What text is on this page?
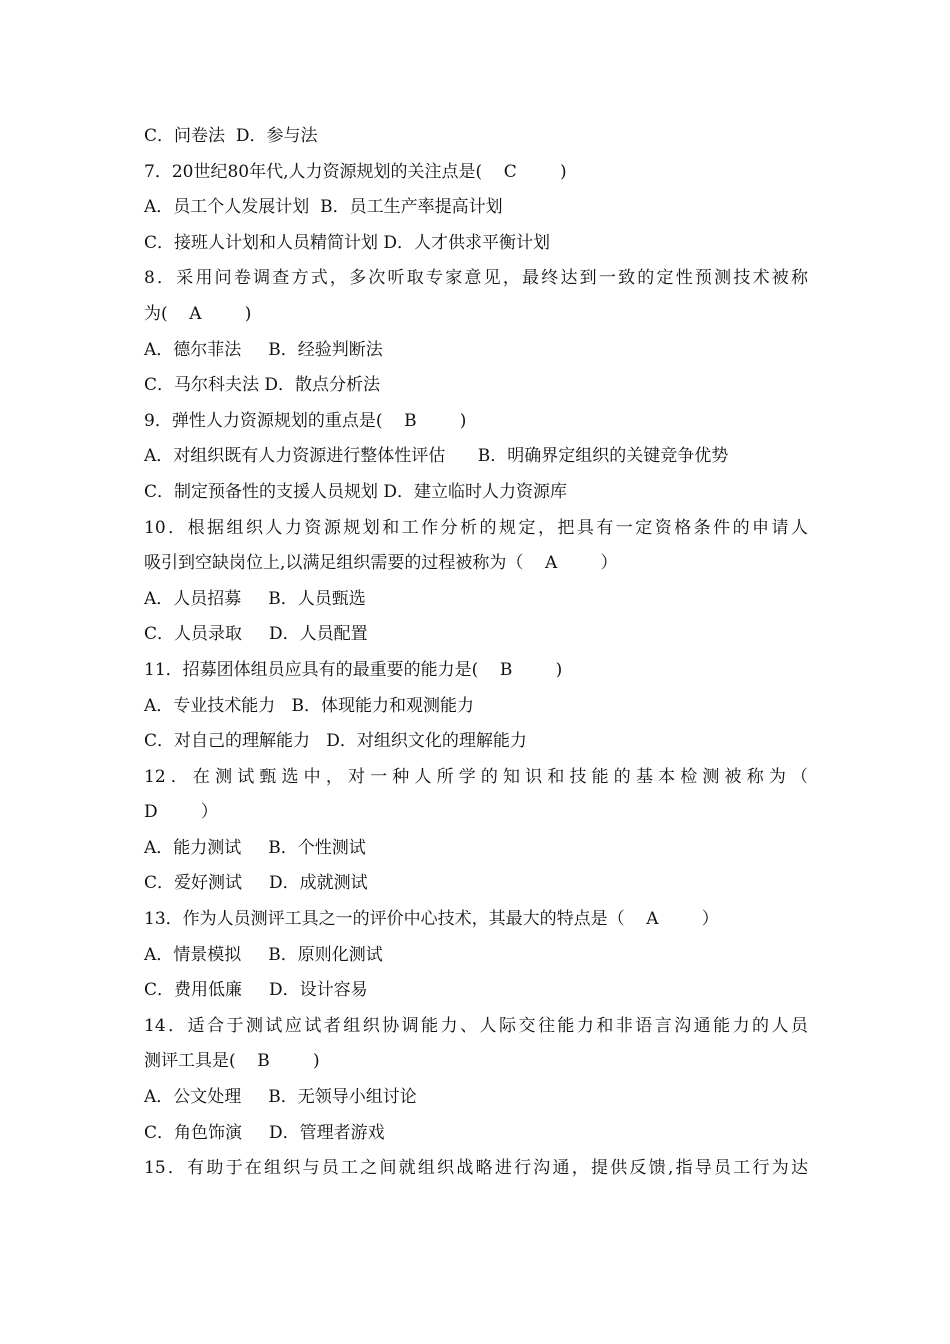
C．问卷法  D．参与法
7．20世纪80年代,人力资源规划的关注点是(    C        )
A．员工个人发展计划  B．员工生产率提高计划
C．接班人计划和人员精简计划 D．人才供求平衡计划
8．采用问卷调查方式，多次听取专家意见，最终达到一致的定性预测技术被称
为(    A        )
A．德尔菲法     B．经验判断法
C．马尔科夫法 D．散点分析法
9．弹性人力资源规划的重点是(    B        )
A．对组织既有人力资源进行整体性评估      B．明确界定组织的关键竞争优势
C．制定预备性的支援人员规划 D．建立临时人力资源库
10．根据组织人力资源规划和工作分析的规定，把具有一定资格条件的申请人
吸引到空缺岗位上,以满足组织需要的过程被称为（    A        ）
A．人员招募     B．人员甄选
C．人员录取     D．人员配置
11．招募团体组员应具有的最重要的能力是(    B        )
A．专业技术能力   B．体现能力和观测能力
C．对自己的理解能力   D．对组织文化的理解能力
12．在测试甄选中，对一种人所学的知识和技能的基本检测被称为（
D        ）
A．能力测试     B．个性测试
C．爱好测试     D．成就测试
13．作为人员测评工具之一的评价中心技术，其最大的特点是（    A        ）
A．情景模拟     B．原则化测试
C．费用低廉     D．设计容易
14．适合于测试应试者组织协调能力、人际交往能力和非语言沟通能力的人员
测评工具是(    B        )
A．公文处理     B．无领导小组讨论
C．角色饰演     D．管理者游戏
15．有助于在组织与员工之间就组织战略进行沟通，提供反馈,指导员工行为达
